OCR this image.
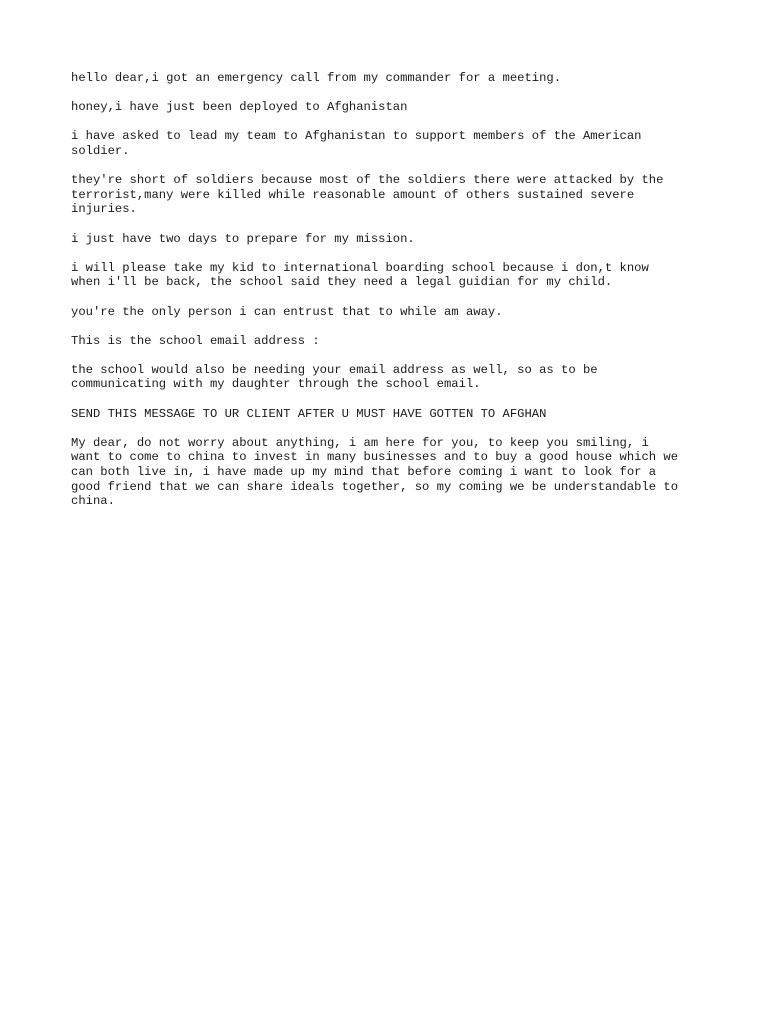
hello dear,i got an emergency call from my commander for a meeting.

honey,i have just been deployed to Afghanistan

i have asked to lead my team to Afghanistan to support members of the American
soldier.

they're short of soldiers because most of the soldiers there were attacked by the
terrorist,many were killed while reasonable amount of others sustained severe
injuries.

i just have two days to prepare for my mission.

i will please take my kid to international boarding school because i don,t know
when i'll be back, the school said they need a legal guidian for my child.

you're the only person i can entrust that to while am away.

This is the school email address :

the school would also be needing your email address as well, so as to be
communicating with my daughter through the school email.

SEND THIS MESSAGE TO UR CLIENT AFTER U MUST HAVE GOTTEN TO AFGHAN

My dear, do not worry about anything, i am here for you, to keep you smiling, i
want to come to china to invest in many businesses and to buy a good house which we
can both live in, i have made up my mind that before coming i want to look for a
good friend that we can share ideals together, so my coming we be understandable to
china.
